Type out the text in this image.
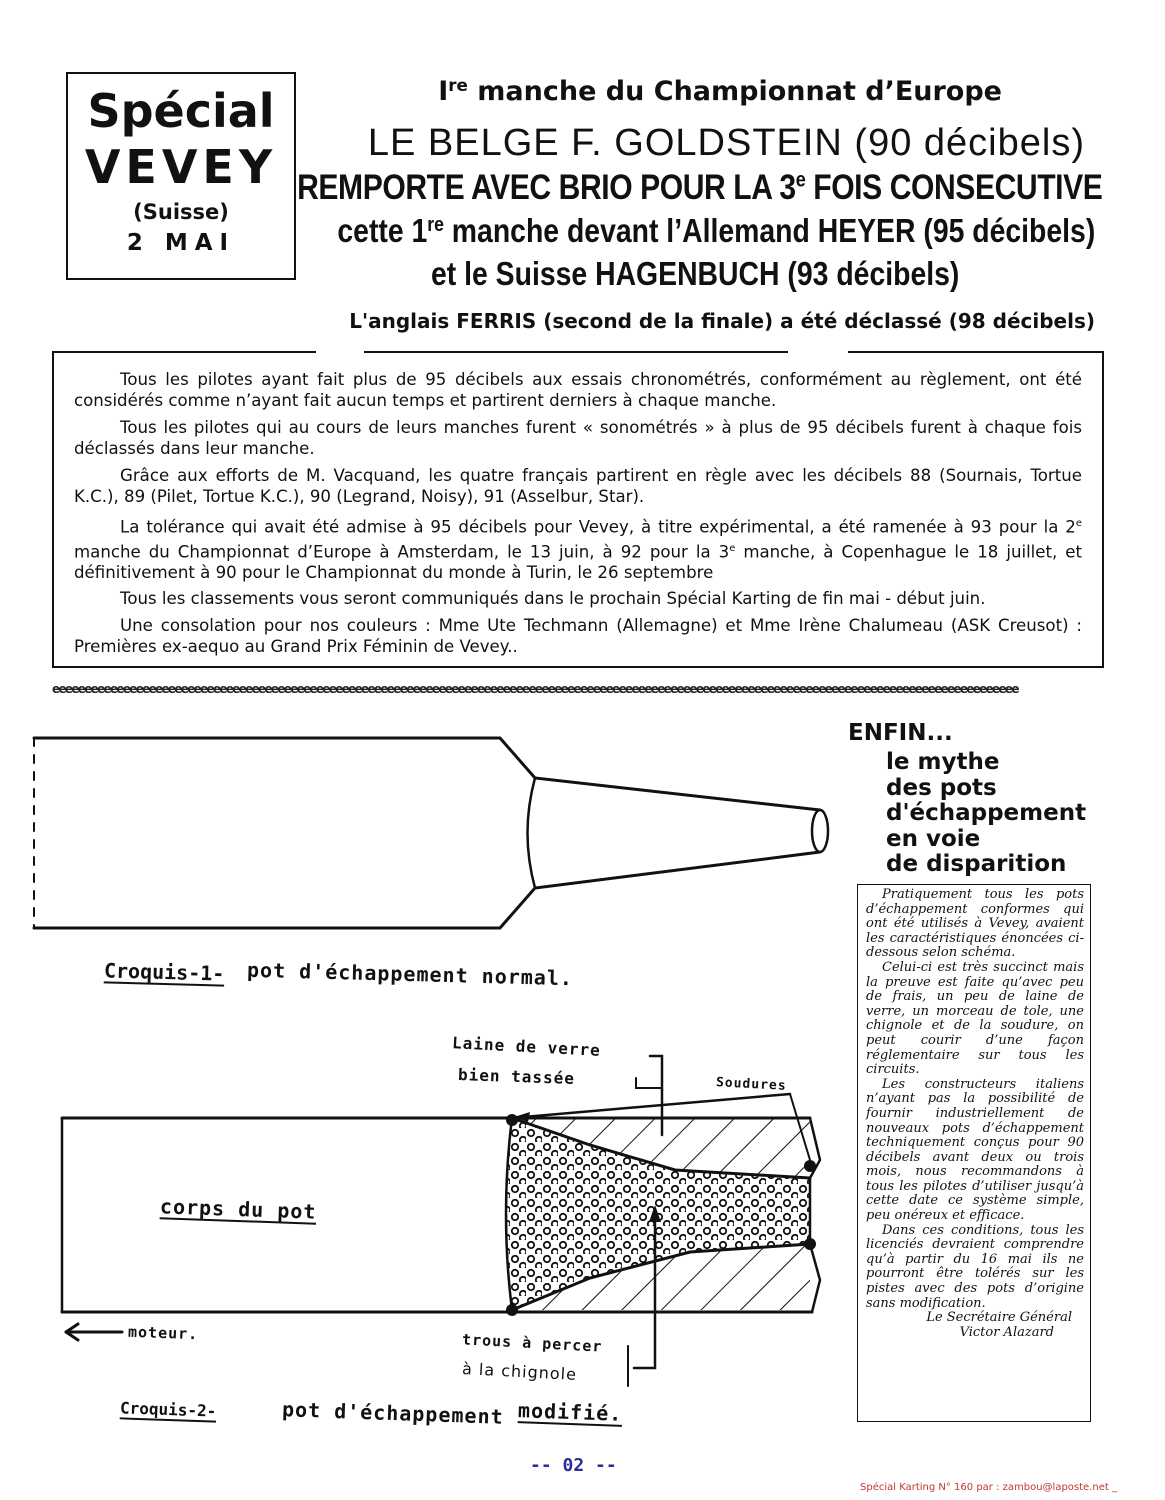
Spécial
VEVEY
(Suisse)
2 MAI
Ire manche du Championnat d’Europe
LE BELGE F. GOLDSTEIN (90 décibels)
REMPORTE AVEC BRIO POUR LA 3e FOIS CONSECUTIVE
cette 1re manche devant l’Allemand HEYER (95 décibels)
et le Suisse HAGENBUCH (93 décibels)
L'anglais FERRIS (second de la finale) a été déclassé (98 décibels)

Tous les pilotes ayant fait plus de 95 décibels aux essais chronométrés, conformément au règlement, ont été considérés comme n’ayant fait aucun temps et partirent derniers à chaque manche.

Tous les pilotes qui au cours de leurs manches furent « sonométrés » à plus de 95 décibels furent à chaque fois déclassés dans leur manche.

Grâce aux efforts de M. Vacquand, les quatre français partirent en règle avec les décibels 88 (Sournais, Tortue K.C.), 89 (Pilet, Tortue K.C.), 90 (Legrand, Noisy), 91 (Asselbur, Star).

La tolérance qui avait été admise à 95 décibels pour Vevey, à titre expérimental, a été ramenée à 93 pour la 2e manche du Championnat d’Europe à Amsterdam, le 13 juin, à 92 pour la 3e manche, à Copenhague le 18 juillet, et définitivement à 90 pour le Championnat du monde à Turin, le 26 septembre

Tous les classements vous seront communiqués dans le prochain Spécial Karting de fin mai - début juin.

Une consolation pour nos couleurs : Mme Ute Techmann (Allemagne) et Mme Irène Chalumeau (ASK Creusot) : Premières ex-aequo au Grand Prix Féminin de Vevey..

eeeeeeeeeeeeeeeeeeeeeeeeeeeeeeeeeeeeeeeeeeeeeeeeeeeeeeeeeeeeeeeeeeeeeeeeeeeeeeeeeeeeeeeeeeeeeeeeeeeeeeeeeeeeeeeeeeeeeeeeeeeeeeeeeeeeeeeeeeeeeeeeeeeeee
Croquis-1- pot d'échappement normal.
Laine de verre
bien tassée	Soudures
corps du pot
moteur.	trous à percer
à la chignole
Croquis-2-	pot d'échappement modifié.
ENFIN...
le mythe
des pots
d'échappement
en voie
de disparition

Pratiquement tous les pots d’échappement conformes qui ont été utilisés à Vevey, avaient les caractéristiques énoncées ci-dessous selon schéma.

Celui-ci est très succinct mais la preuve est faite qu’avec peu de frais, un peu de laine de verre, un morceau de tole, une chignole et de la soudure, on peut courir d’une façon réglementaire sur tous les circuits.

Les constructeurs italiens n’ayant pas la possibilité de fournir industriellement de nouveaux pots d’échappement techniquement conçus pour 90 décibels avant deux ou trois mois, nous recommandons à tous les pilotes d’utiliser jusqu’à cette date ce système simple, peu onéreux et efficace.

Dans ces conditions, tous les licenciés devraient comprendre qu’à partir du 16 mai ils ne pourront être tolérés sur les pistes avec des pots d’origine sans modification.

Le Secrétaire Général

Victor Alazard

-- 02 --
Spécial Karting N° 160 par : zambou@laposte.net _
